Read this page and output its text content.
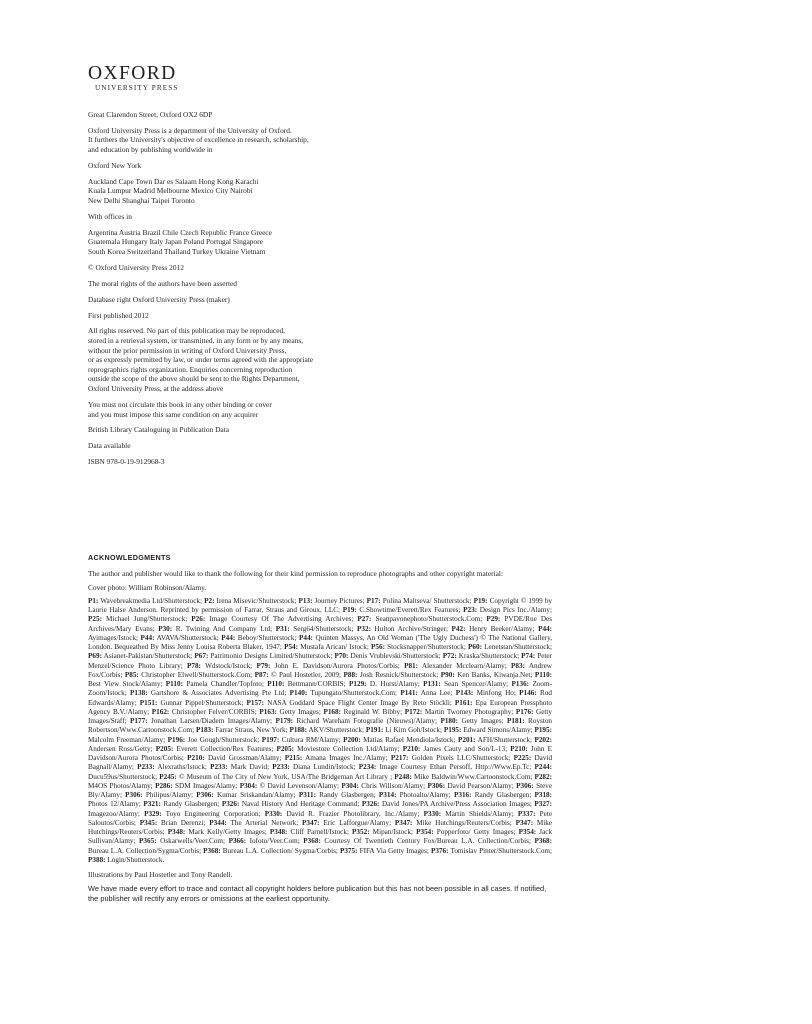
OXFORD
UNIVERSITY PRESS

Great Clarendon Street, Oxford OX2 6DP

Oxford University Press is a department of the University of Oxford.
It furthers the University's objective of excellence in research, scholarship,
and education by publishing worldwide in

Oxford New York

Auckland Cape Town Dar es Salaam Hong Kong Karachi
Kuala Lumpur Madrid Melbourne Mexico City Nairobi
New Delhi Shanghai Taipei Toronto

With offices in

Argentina Austria Brazil Chile Czech Republic France Greece
Guatemala Hungary Italy Japan Poland Portugal Singapore
South Korea Switzerland Thailand Turkey Ukraine Vietnam

© Oxford University Press 2012

The moral rights of the authors have been asserted

Database right Oxford University Press (maker)

First published 2012

All rights reserved. No part of this publication may be reproduced,
stored in a retrieval system, or transmitted, in any form or by any means,
without the prior permission in writing of Oxford University Press,
or as expressly permitted by law, or under terms agreed with the appropriate
reprographics rights organization. Enquiries concerning reproduction
outside the scope of the above should be sent to the Rights Department,
Oxford University Press, at the address above

You must not circulate this book in any other binding or cover
and you must impose this same condition on any acquirer

British Library Cataloguing in Publication Data

Data available

ISBN 978-0-19-912968-3

ACKNOWLEDGMENTS

The author and publisher would like to thank the following for their kind permission to reproduce photographs and other copyright material:

Cover photo: William Robinson/Alamy.

P1: Wavebreakmedia Ltd/Shutterstock; P2: Irena Misevic/Shutterstock; P13: Journey Pictures; P17: Polina Maltseva/ Shutterstock; P19: Copyright © 1999 by Laurie Halse Anderson. Reprinted by permission of Farrar, Straus and Giroux, LLC; P19: C.Showtime/Everett/Rex Features; P23: Design Pics Inc./Alamy; P25: Michael Jung/Shutterstock; P26: Image Courtesy Of The Advertising Archives; P27: Seanpavonephoto/Shutterstock.Com; P29: PVDE/Rue Des Archives/Mary Evans; P30: R. Twining And Company Ltd; P31: Serg64/Shutterstock; P32: Hulton Archive/Stringer; P42: Henry Beeker/Alamy; P44: Ayimages/Istock; P44: AVAVA/Shutterstock; P44: Beboy/Shutterstock; P44: Quinten Massys, An Old Woman ('The Ugly Duchess') © The National Gallery, London. Bequeathed By Miss Jenny Louisa Roberta Blaker, 1947; P54: Mustafa Arican/ Istock; P56: Stocksnapper/Shutterstock; P60: Lenetstan/Shutterstock; P69: Asianet-Pakistan/Shutterstock; P67: Patrimonio Designs Limited/Shutterstock; P70: Denis Vrublevski/Shutterstock; P72: Kraska/Shutterstock; P74: Peter Menzel/Science Photo Library; P78: Wdstock/Istock; P79: John E. Davidson/Aurora Photos/Corbis; P81: Alexander Mcclearn/Alamy; P83: Andrew Fox/Corbis; P85: Christopher Elwell/Shutterstock.Com; P87: © Paul Hostetler, 2009; P88: Josh Resnick/Shutterstock; P90: Ken Banks, Kiwanja.Net; P110: Best View Stock/Alamy; P110: Pamela Chandler/Topfoto; P110: Bettmann/CORBIS; P129: D. Hurst/Alamy; P131: Sean Spencer/Alamy; P136: Zoom-Zoom/Istock; P138: Gartshore & Associates Advertising Pte Ltd; P140: Tupungato/Shutterstock.Com; P141: Anna Lee; P143: Minfong Ho; P146: Rod Edwards/Alamy; P151: Gunnar Pippel/Shutterstock; P157: NASA Goddard Space Flight Center Image By Reto Stöckli; P161: Epa European Pressphoto Agency B.V./Alamy; P162: Christopher Felver/CORBIS; P163: Getty Images; P168: Reginald W. Bibby; P172: Martin Twomey Photography; P176: Getty Images/Staff; P177: Jonathan Larsen/Diadem Images/Alamy; P179: Richard Wareham Fotografie (Nieuws)/Alamy; P180: Getty Images; P181: Royston Robertson/Www.Cartoonstock.Com; P183: Farrar Straus, New York; P188: AKV/Shutterstock; P191: Li Kim Goh/Istock; P195: Edward Simons/Alamy; P195: Malcolm Freeman/Alamy; P196: Joe Gough/Shutterstock; P197: Cultura RM/Alamy; P200: Matias Rafael Mendiola/Istock; P201: AFH/Shutterstock; P202: Andersen Ross/Getty; P205: Everett Collection/Rex Features; P205: Moviestore Collection Ltd/Alamy; P210: James Cauty and Son/L-13; P210: John E Davidson/Aurora Photos/Corbis; P210: David Grossman/Alamy; P215: Amana Images Inc./Alamy; P217: Golden Pixels LLC/Shutterstock; P225: David Bagnall/Alamy; P233: Alexraths/Istock; P233: Mark David; P233: Diana Lundin/Istock; P234: Image Courtesy Ethan Persoff, Http://Www.Ep.Tc; P244: Ducu59us/Shutterstock; P245: © Museum of The City of New York, USA/The Bridgeman Art Library ; P248: Mike Baldwin/Www.Cartoonstock.Com; P282: M4OS Photos/Alamy; P286: SDM Images/Alamy; P304: © David Levenson/Alamy; P304: Chris Willson/Alamy; P306: David Pearson/Alamy; P306: Steve Bly/Alamy; P306: Philipus/Alamy; P306: Kumar Sriskandan/Alamy; P311: Randy Glasbergen; P314: Photoalto/Alamy; P316: Randy Glasbergen; P318: Photos 12/Alamy; P321: Randy Glasbergen; P326: Naval History And Heritage Command; P326: David Jones/PA Archive/Press Association Images; P327: Imagezoo/Alamy; P329: Toyo Engineering Corporation; P330: David R. Frazier Photolibrary, Inc./Alamy; P330: Martin Shields/Alamy; P337: Pete Saloutos/Corbis; P345: Brian Derenzi; P344: The Arterial Network; P347: Eric Lafforgue/Alamy; P347: Mike Hutchings/Reuters/Corbis; P347: Mike Hutchings/Reuters/Corbis; P348: Mark Kelly/Getty Images; P348: Cliff Parnell/Istock; P352: Mipan/Istock; P354: Popperfoto/ Getty Images; P354: Jack Sullivan/Alamy; P365: Oskarwells/Veer.Com; P366: Iofoto/Veer.Com; P368: Courtesy Of Twentieth Century Fox/Bureau L.A. Collection/Corbis; P368: Bureau L.A. Collection/Sygma/Corbis; P368: Bureau L.A. Collection/ Sygma/Corbis; P375: FIFA Via Getty Images; P376: Tomislav Pinter/Shutterstock.Com; P388: Login/Shutterstock.

Illustrations by Paul Hostetler and Tony Randell.

We have made every effort to trace and contact all copyright holders before publication but this has not been possible in all cases. If notified, the publisher will rectify any errors or omissions at the earliest opportunity.
